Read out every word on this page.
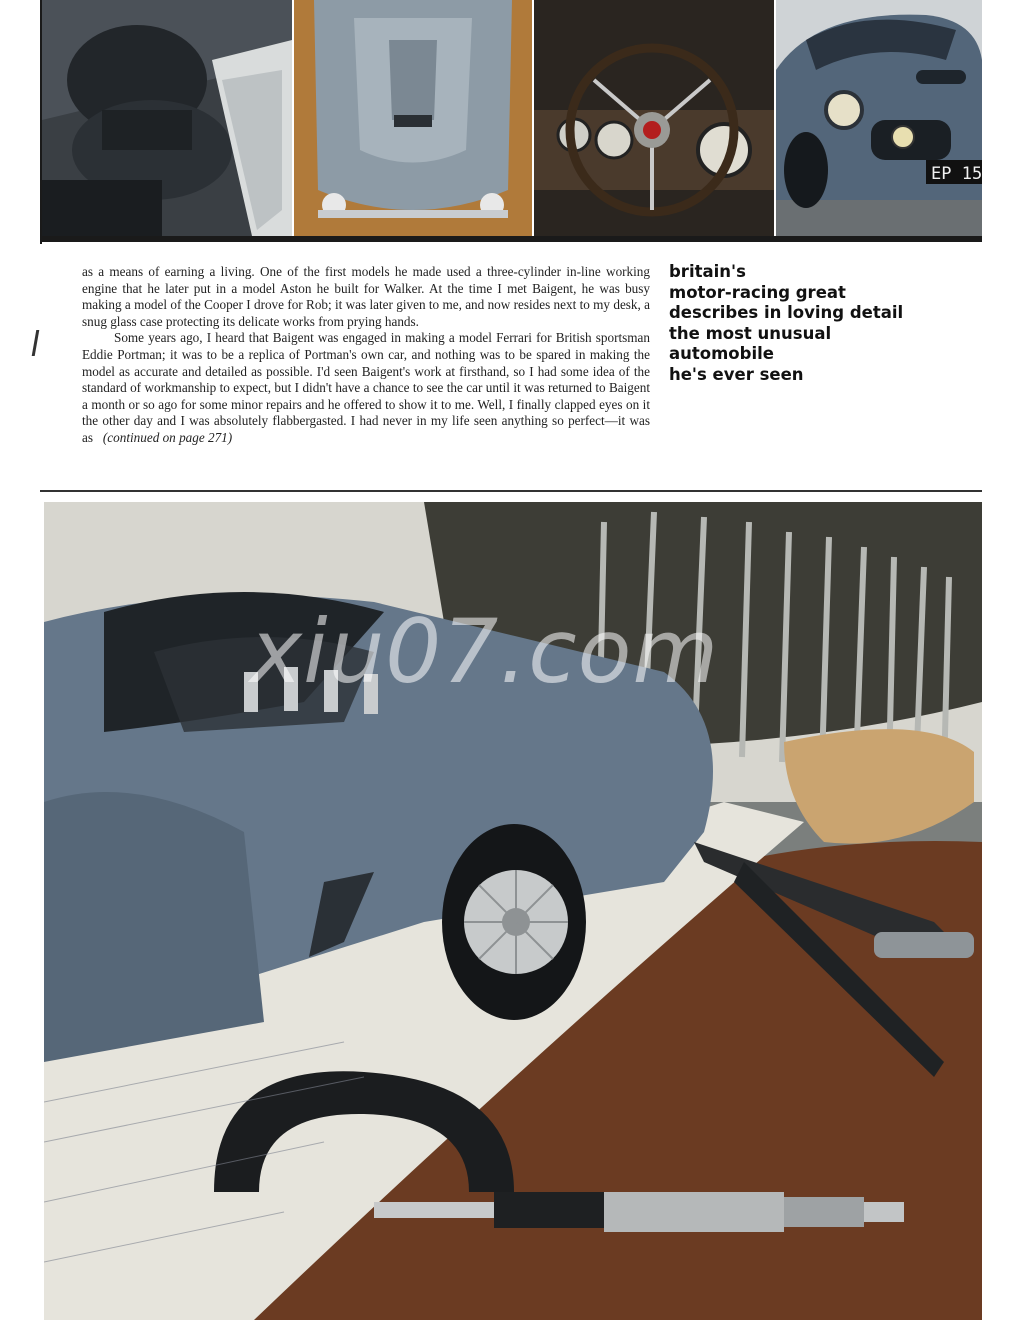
EP 15

as a means of earning a living. One of the first models he made used a three-cylinder in-line working engine that he later put in a model Aston he built for Walker. At the time I met Baigent, he was busy making a model of the Cooper I drove for Rob; it was later given to me, and now resides next to my desk, a snug glass case protecting its delicate works from prying hands.

Some years ago, I heard that Baigent was engaged in making a model Ferrari for British sportsman Eddie Portman; it was to be a replica of Portman's own car, and nothing was to be spared in making the model as accurate and detailed as possible. I'd seen Baigent's work at firsthand, so I had some idea of the standard of workmanship to expect, but I didn't have a chance to see the car until it was returned to Baigent a month or so ago for some minor repairs and he offered to show it to me. Well, I finally clapped eyes on it the other day and I was absolutely flabbergasted. I had never in my life seen anything so perfect—it was as (continued on page 271)

britain's
motor-racing great
describes in loving detail
the most unusual
automobile
he's ever seen
xiu07.com
